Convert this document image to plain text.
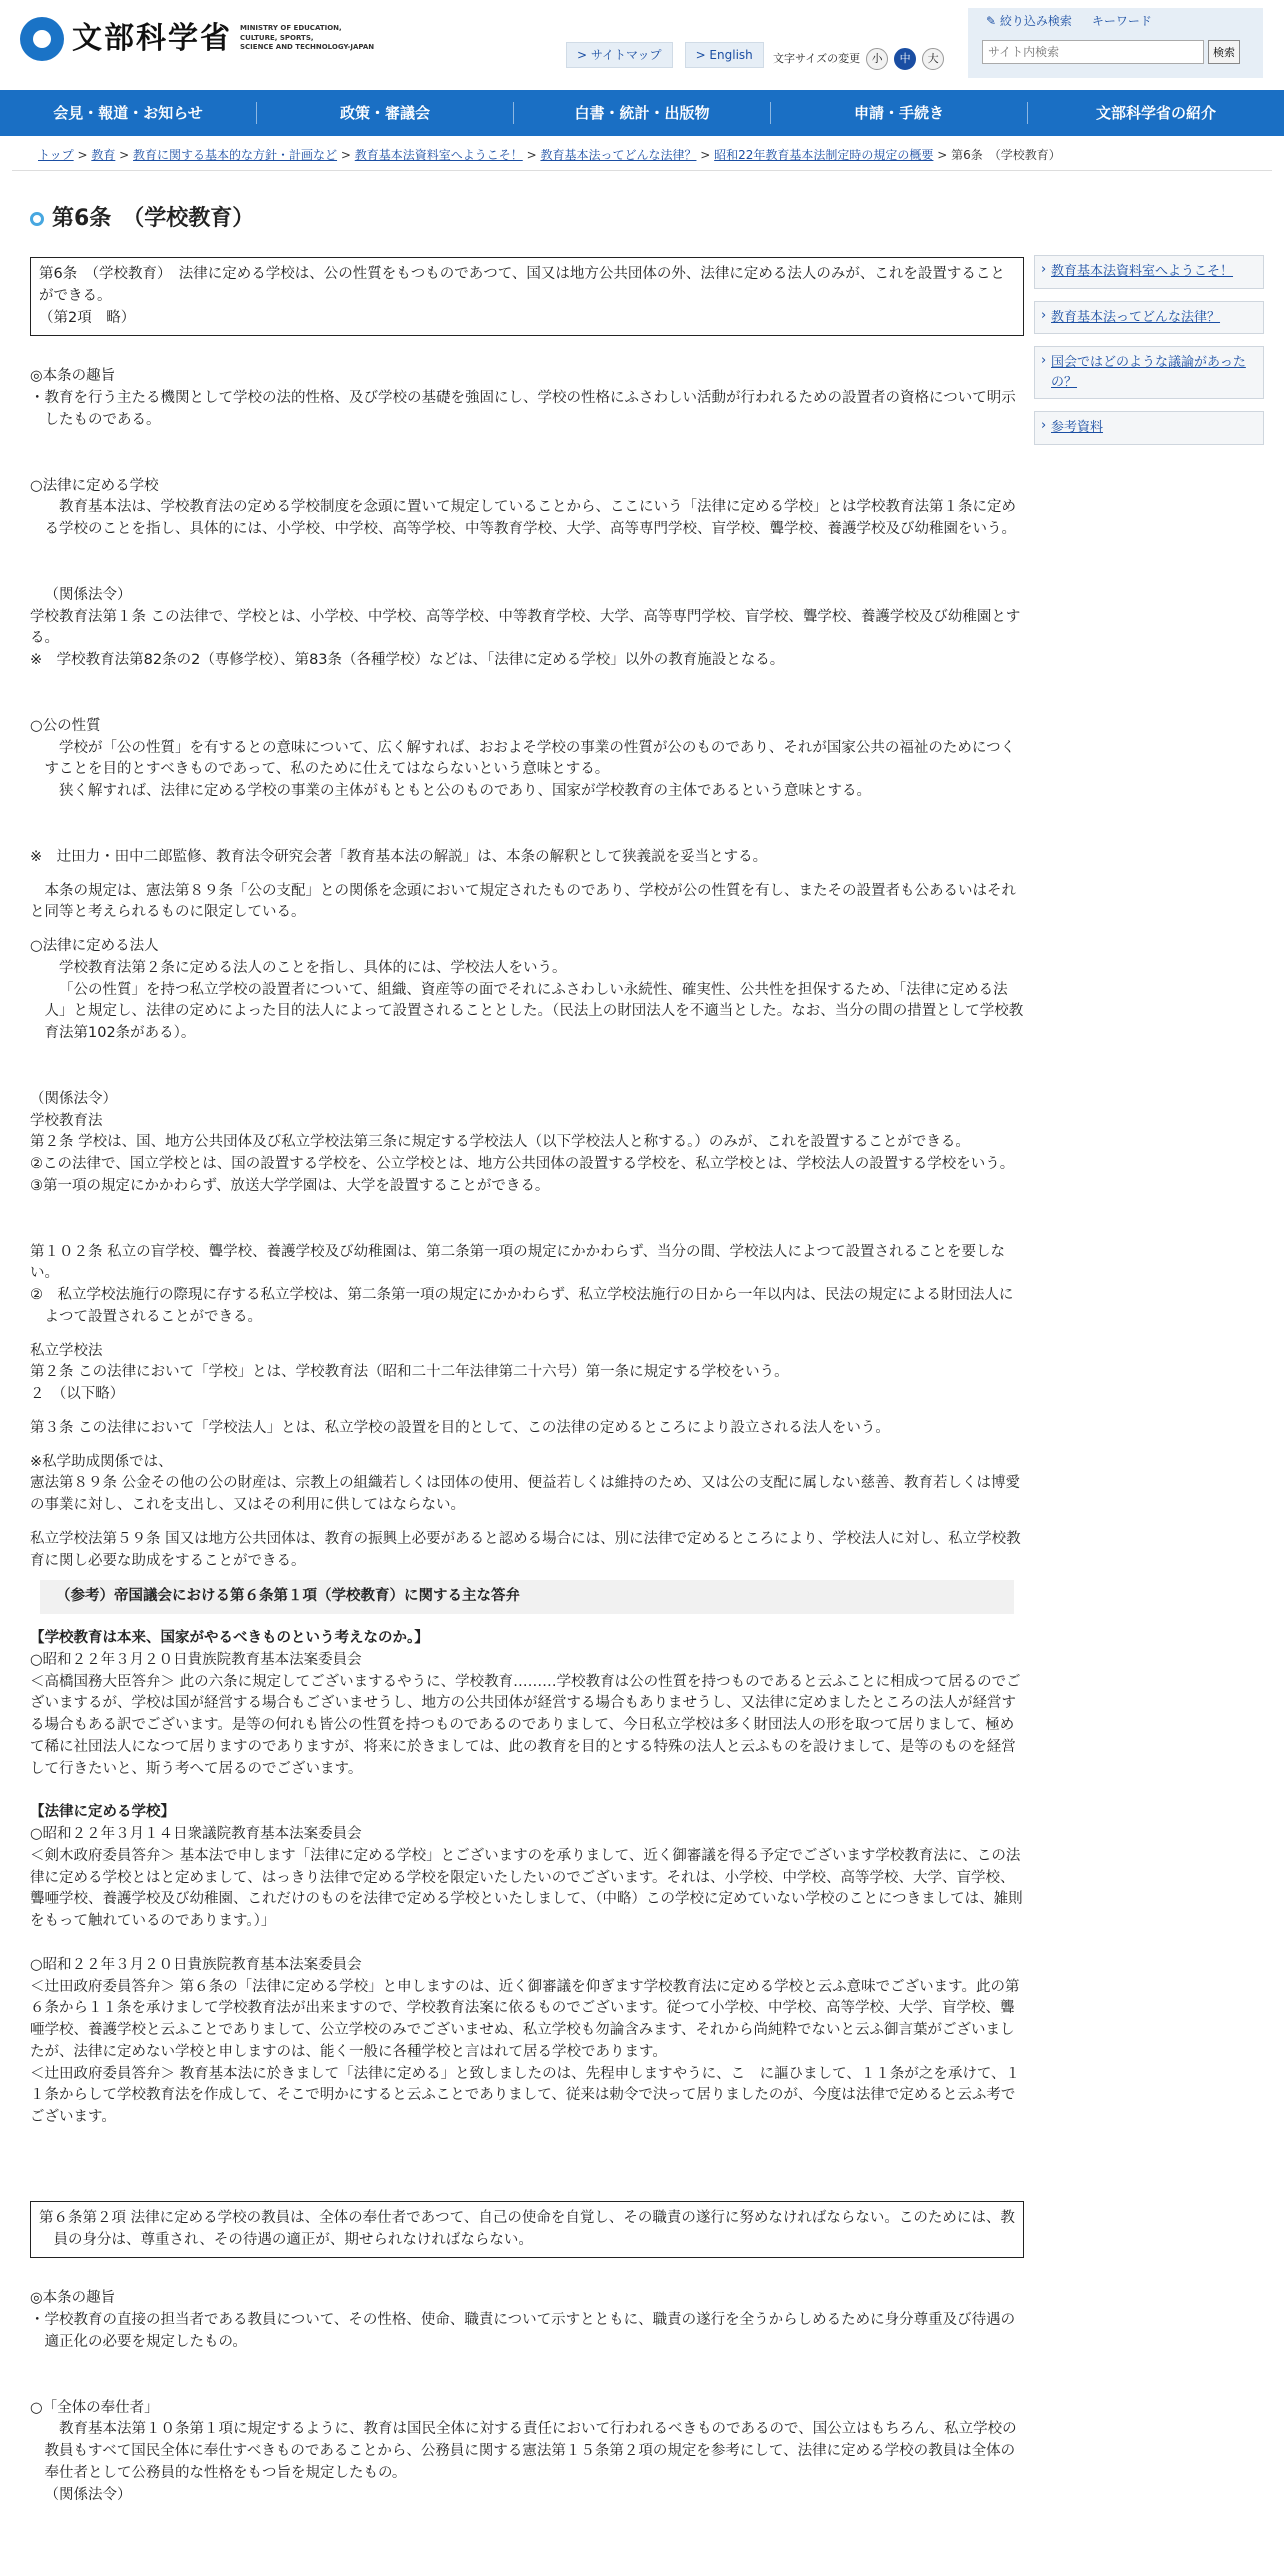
文部科学省 MINISTRY OF EDUCATION,
CULTURE, SPORTS,
SCIENCE AND TECHNOLOGY-JAPAN
> サイトマップ	> English	文字サイズの変更	小	中	大
✎ 絞り込み検索 キーワード
サイト内検索
検索
会見・報道・お知らせ	政策・審議会	白書・統計・出版物	申請・手続き	文部科学省の紹介
トップ > 教育 > 教育に関する基本的な方針・計画など > 教育基本法資料室へようこそ！ > 教育基本法ってどんな法律？ > 昭和22年教育基本法制定時の規定の概要 > 第6条　（学校教育）
› 教育基本法資料室へようこそ！
› 教育基本法ってどんな法律？
› 国会ではどのような議論があったの？
› 参考資料
第6条　（学校教育）

第6条　（学校教育）　法律に定める学校は、公の性質をもつものであつて、国又は地方公共団体の外、法律に定める法人のみが、これを設置することができる。

（第2項　略）

◎本条の趣旨

・教育を行う主たる機関として学校の法的性格、及び学校の基礎を強固にし、学校の性格にふさわしい活動が行われるための設置者の資格について明示したものである。

○法律に定める学校

教育基本法は、学校教育法の定める学校制度を念頭に置いて規定していることから、ここにいう「法律に定める学校」とは学校教育法第１条に定める学校のことを指し、具体的には、小学校、中学校、高等学校、中等教育学校、大学、高等専門学校、盲学校、聾学校、養護学校及び幼稚園をいう。

（関係法令）

学校教育法第１条 この法律で、学校とは、小学校、中学校、高等学校、中等教育学校、大学、高等専門学校、盲学校、聾学校、養護学校及び幼稚園とする。

※　学校教育法第82条の2（専修学校）、第83条（各種学校）などは、「法律に定める学校」以外の教育施設となる。

○公の性質

学校が「公の性質」を有するとの意味について、広く解すれば、おおよそ学校の事業の性質が公のものであり、それが国家公共の福祉のためにつくすことを目的とすべきものであって、私のために仕えてはならないという意味とする。

狭く解すれば、法律に定める学校の事業の主体がもともと公のものであり、国家が学校教育の主体であるという意味とする。

※　辻田力・田中二郎監修、教育法令研究会著「教育基本法の解説」は、本条の解釈として狭義説を妥当とする。

本条の規定は、憲法第８９条「公の支配」との関係を念頭において規定されたものであり、学校が公の性質を有し、またその設置者も公あるいはそれと同等と考えられるものに限定している。

○法律に定める法人

学校教育法第２条に定める法人のことを指し、具体的には、学校法人をいう。

「公の性質」を持つ私立学校の設置者について、組織、資産等の面でそれにふさわしい永続性、確実性、公共性を担保するため、「法律に定める法人」と規定し、法律の定めによった目的法人によって設置されることとした。（民法上の財団法人を不適当とした。なお、当分の間の措置として学校教育法第102条がある）。

（関係法令）

学校教育法

第２条 学校は、国、地方公共団体及び私立学校法第三条に規定する学校法人（以下学校法人と称する。）のみが、これを設置することができる。

②この法律で、国立学校とは、国の設置する学校を、公立学校とは、地方公共団体の設置する学校を、私立学校とは、学校法人の設置する学校をいう。

③第一項の規定にかかわらず、放送大学学園は、大学を設置することができる。

第１０２条 私立の盲学校、聾学校、養護学校及び幼稚園は、第二条第一項の規定にかかわらず、当分の間、学校法人によつて設置されることを要しない。

②　私立学校法施行の際現に存する私立学校は、第二条第一項の規定にかかわらず、私立学校法施行の日から一年以内は、民法の規定による財団法人によつて設置されることができる。

私立学校法

第２条 この法律において「学校」とは、学校教育法（昭和二十二年法律第二十六号）第一条に規定する学校をいう。

２　（以下略）

第３条 この法律において「学校法人」とは、私立学校の設置を目的として、この法律の定めるところにより設立される法人をいう。

※私学助成関係では、

憲法第８９条 公金その他の公の財産は、宗教上の組織若しくは団体の使用、便益若しくは維持のため、又は公の支配に属しない慈善、教育若しくは博愛の事業に対し、これを支出し、又はその利用に供してはならない。

私立学校法第５９条 国又は地方公共団体は、教育の振興上必要があると認める場合には、別に法律で定めるところにより、学校法人に対し、私立学校教育に関し必要な助成をすることができる。

（参考）帝国議会における第６条第１項（学校教育）に関する主な答弁

【学校教育は本来、国家がやるべきものという考えなのか。】

○昭和２２年３月２０日貴族院教育基本法案委員会

＜高橋国務大臣答弁＞ 此の六条に規定してございまするやうに、学校教育………学校教育は公の性質を持つものであると云ふことに相成つて居るのでございまするが、学校は国が経営する場合もございませうし、地方の公共団体が経営する場合もありませうし、又法律に定めましたところの法人が経営する場合もある訳でございます。是等の何れも皆公の性質を持つものであるのでありまして、今日私立学校は多く財団法人の形を取つて居りまして、極めて稀に社団法人になつて居りますのでありますが、将来に於きましては、此の教育を目的とする特殊の法人と云ふものを設けまして、是等のものを経営して行きたいと、斯う考へて居るのでございます。

【法律に定める学校】

○昭和２２年３月１４日衆議院教育基本法案委員会

＜剣木政府委員答弁＞ 基本法で申します「法律に定める学校」とございますのを承りまして、近く御審議を得る予定でございます学校教育法に、この法律に定める学校とはと定めまして、はっきり法律で定める学校を限定いたしたいのでございます。それは、小学校、中学校、高等学校、大学、盲学校、聾唖学校、養護学校及び幼稚園、これだけのものを法律で定める学校といたしまして、（中略）この学校に定めていない学校のことにつきましては、雑則をもって触れているのであります。）」

○昭和２２年３月２０日貴族院教育基本法案委員会

＜辻田政府委員答弁＞ 第６条の「法律に定める学校」と申しますのは、近く御審議を仰ぎます学校教育法に定める学校と云ふ意味でございます。此の第６条から１１条を承けまして学校教育法が出来ますので、学校教育法案に依るものでございます。従つて小学校、中学校、高等学校、大学、盲学校、聾唖学校、養護学校と云ふことでありまして、公立学校のみでございませぬ、私立学校も勿論含みます、それから尚純粋でないと云ふ御言葉がございましたが、法律に定めない学校と申しますのは、能く一般に各種学校と言はれて居る学校であります。

＜辻田政府委員答弁＞ 教育基本法に於きまして「法律に定める」と致しましたのは、先程申しますやうに、こ　に謳ひまして、１１条が之を承けて、１１条からして学校教育法を作成して、そこで明かにすると云ふことでありまして、従来は勅令で決って居りましたのが、今度は法律で定めると云ふ考でございます。

第６条第２項 法律に定める学校の教員は、全体の奉仕者であつて、自己の使命を自覚し、その職責の遂行に努めなければならない。このためには、教員の身分は、尊重され、その待遇の適正が、期せられなければならない。

◎本条の趣旨

・学校教育の直接の担当者である教員について、その性格、使命、職責について示すとともに、職責の遂行を全うからしめるために身分尊重及び待遇の適正化の必要を規定したもの。

○「全体の奉仕者」

教育基本法第１０条第１項に規定するように、教育は国民全体に対する責任において行われるべきものであるので、国公立はもちろん、私立学校の教員もすべて国民全体に奉仕すべきものであることから、公務員に関する憲法第１５条第２項の規定を参考にして、法律に定める学校の教員は全体の奉仕者として公務員的な性格をもつ旨を規定したもの。

（関係法令）
